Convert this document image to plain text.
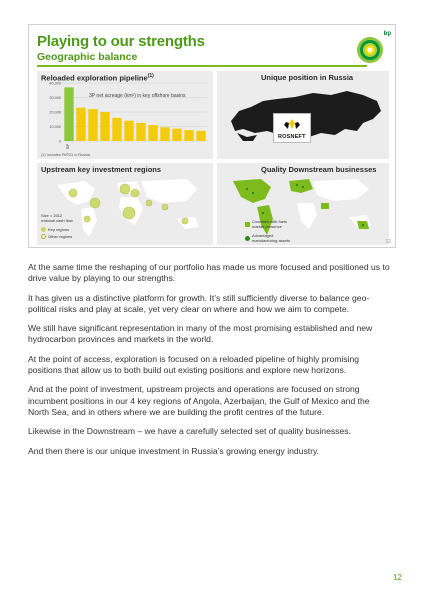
Playing to our strengths
Geographic balance
bp
Reloaded exploration pipeline$^{(1)}$
40,000
30,000
20,000
10,000
0
BP
3P net acreage (km²) in key offshore basins
(1) Includes Pt/P21 in Russia
Unique position in Russia
ROSNEFT
Upstream key investment regions
Size = 2012 notional cash flow
Key regions
Other regions
Quality Downstream businesses
Countries with fuels market presence
Advantaged manufacturing assets	12

At the same time the reshaping of our portfolio has made us more focused and positioned us to drive value by playing to our strengths.

It has given us a distinctive platform for growth. It’s still sufficiently diverse to balance geo-political risks and play at scale, yet very clear on where and how we aim to compete.

We still have significant representation in many of the most promising established and new hydrocarbon provinces and markets in the world.

At the point of access, exploration is focused on a reloaded pipeline of highly promising positions that allow us to both build out existing positions and explore new horizons.

And at the point of investment, upstream projects and operations are focused on strong incumbent positions in our 4 key regions of Angola, Azerbaijan, the Gulf of Mexico and the North Sea, and in others where we are building the profit centres of the future.

Likewise in the Downstream – we have a carefully selected set of quality businesses.

And then there is our unique investment in Russia’s growing energy industry.

12
